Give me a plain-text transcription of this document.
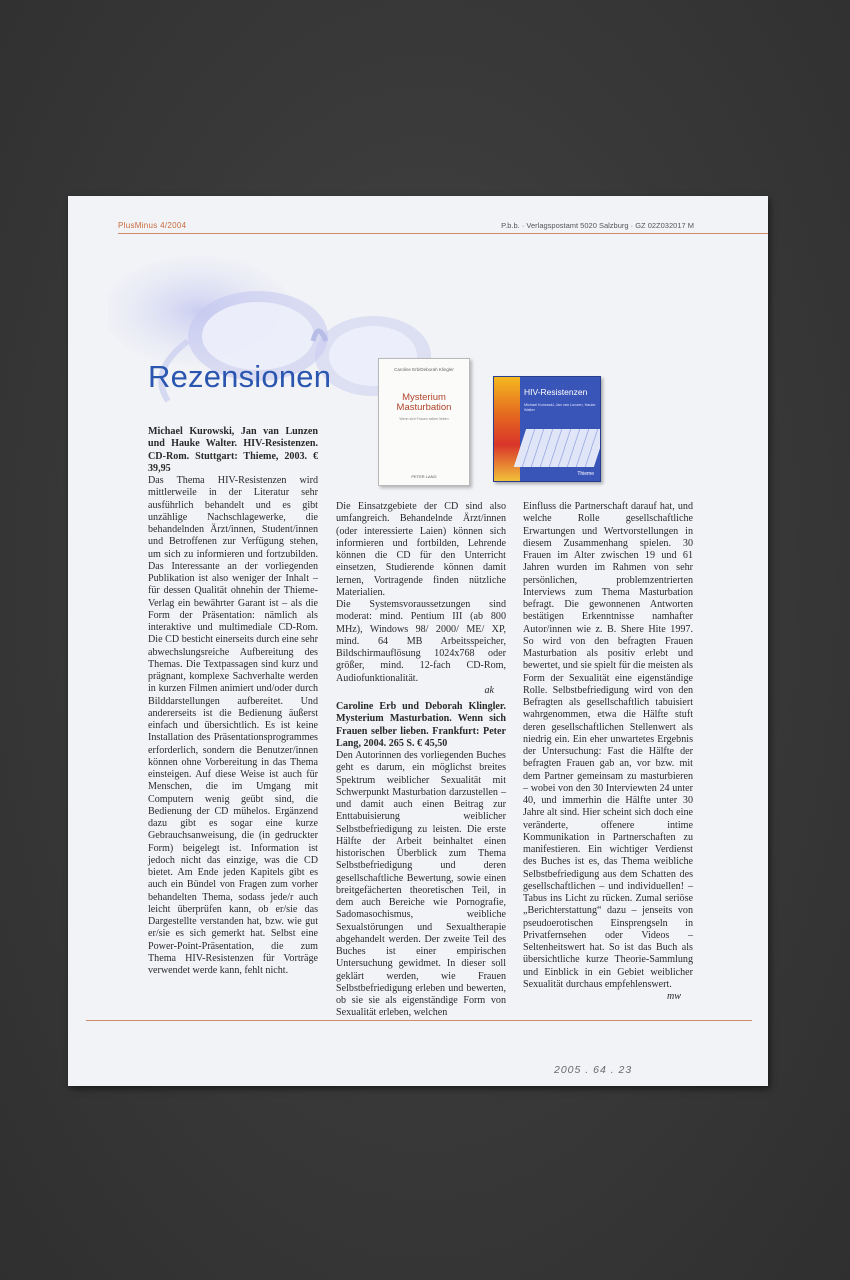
PlusMinus 4/2004	P.b.b. · Verlagspostamt 5020 Salzburg · GZ 02Z032017 M
Rezensionen	Caroline Erb/Deborah Klingler
Mysterium Masturbation
Wenn sich Frauen selber lieben
PETER LANG
HIV-Resistenzen
Michael Kurowski, Jan van Lunzen, Hauke Walter
Thieme

Michael Kurowski, Jan van Lunzen und Hauke Walter. HIV-Resistenzen. CD-Rom. Stuttgart: Thieme, 2003. € 39,95

Das Thema HIV-Resistenzen wird mittlerweile in der Literatur sehr ausführlich behandelt und es gibt unzählige Nachschlagewerke, die behandelnden Ärzt/innen, Student/innen und Betroffenen zur Verfügung stehen, um sich zu informieren und fortzubilden. Das Interessante an der vorliegenden Publikation ist also weniger der Inhalt – für dessen Qualität ohnehin der Thieme-Verlag ein bewährter Garant ist – als die Form der Präsentation: nämlich als interaktive und multimediale CD-Rom. Die CD besticht einerseits durch eine sehr abwechslungsreiche Aufbereitung des Themas. Die Textpassagen sind kurz und prägnant, komplexe Sachverhalte werden in kurzen Filmen animiert und/oder durch Bilddarstellungen aufbereitet. Und andererseits ist die Bedienung äußerst einfach und übersichtlich. Es ist keine Installation des Präsentationsprogrammes erforderlich, sondern die Benutzer/innen können ohne Vorbereitung in das Thema einsteigen. Auf diese Weise ist auch für Menschen, die im Umgang mit Computern wenig geübt sind, die Bedienung der CD mühelos. Ergänzend dazu gibt es sogar eine kurze Gebrauchsanweisung, die (in gedruckter Form) beigelegt ist. Information ist jedoch nicht das einzige, was die CD bietet. Am Ende jeden Kapitels gibt es auch ein Bündel von Fragen zum vorher behandelten Thema, sodass jede/r auch leicht überprüfen kann, ob er/sie das Dargestellte verstanden hat, bzw. wie gut er/sie es sich gemerkt hat. Selbst eine Power-Point-Präsentation, die zum Thema HIV-Resistenzen für Vorträge verwendet werde kann, fehlt nicht.

Die Einsatzgebiete der CD sind also umfangreich. Behandelnde Ärzt/innen (oder interessierte Laien) können sich informieren und fortbilden, Lehrende können die CD für den Unterricht einsetzen, Studierende können damit lernen, Vortragende finden nützliche Materialien.

Die Systemsvoraussetzungen sind moderat: mind. Pentium III (ab 800 MHz), Windows 98/ 2000/ ME/ XP, mind. 64 MB Arbeitsspeicher, Bildschirmauflösung 1024x768 oder größer, mind. 12-fach CD-Rom, Audiofunktionalität.

ak

Caroline Erb und Deborah Klingler. Mysterium Masturbation. Wenn sich Frauen selber lieben. Frankfurt: Peter Lang, 2004. 265 S. € 45,50

Den Autorinnen des vorliegenden Buches geht es darum, ein möglichst breites Spektrum weiblicher Sexualität mit Schwerpunkt Masturbation darzustellen – und damit auch einen Beitrag zur Enttabuisierung weiblicher Selbstbefriedigung zu leisten. Die erste Hälfte der Arbeit beinhaltet einen historischen Überblick zum Thema Selbstbefriedigung und deren gesellschaftliche Bewertung, sowie einen breitgefächerten theoretischen Teil, in dem auch Bereiche wie Pornografie, Sadomasochismus, weibliche Sexualstörungen und Sexualtherapie abgehandelt werden. Der zweite Teil des Buches ist einer empirischen Untersuchung gewidmet. In dieser soll geklärt werden, wie Frauen Selbstbefriedigung erleben und bewerten, ob sie sie als eigenständige Form von Sexualität erleben, welchen

Einfluss die Partnerschaft darauf hat, und welche Rolle gesellschaftliche Erwartungen und Wertvorstellungen in diesem Zusammenhang spielen. 30 Frauen im Alter zwischen 19 und 61 Jahren wurden im Rahmen von sehr persönlichen, problemzentrierten Interviews zum Thema Masturbation befragt. Die gewonnenen Antworten bestätigen Erkenntnisse namhafter Autor/innen wie z. B. Shere Hite 1997. So wird von den befragten Frauen Masturbation als positiv erlebt und bewertet, und sie spielt für die meisten als Form der Sexualität eine eigenständige Rolle. Selbstbefriedigung wird von den Befragten als gesellschaftlich tabuisiert wahrgenommen, etwa die Hälfte stuft deren gesellschaftlichen Stellenwert als niedrig ein. Ein eher unwartetes Ergebnis der Untersuchung: Fast die Hälfte der befragten Frauen gab an, vor bzw. mit dem Partner gemeinsam zu masturbieren – wobei von den 30 Interviewten 24 unter 40, und immerhin die Hälfte unter 30 Jahre alt sind. Hier scheint sich doch eine veränderte, offenere intime Kommunikation in Partnerschaften zu manifestieren. Ein wichtiger Verdienst des Buches ist es, das Thema weibliche Selbstbefriedigung aus dem Schatten des gesellschaftlichen – und individuellen! – Tabus ins Licht zu rücken. Zumal seriöse „Berichterstattung“ dazu – jenseits von pseudoerotischen Einsprengseln in Privatfernsehen oder Videos – Seltenheitswert hat. So ist das Buch als übersichtliche kurze Theorie-Sammlung und Einblick in ein Gebiet weiblicher Sexualität durchaus empfehlenswert.

mw
2005 . 64 . 23
